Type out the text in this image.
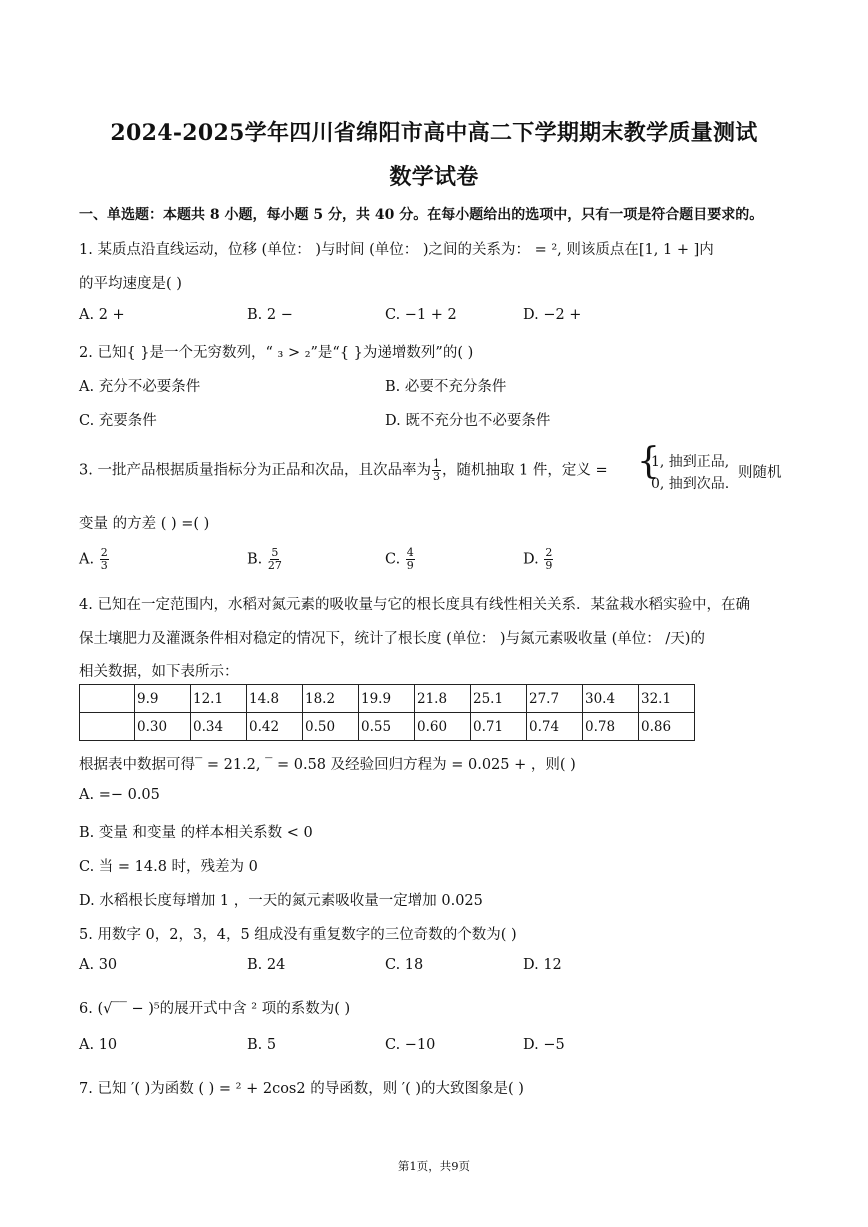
2024-2025学年四川省绵阳市高中高二下学期期末教学质量测试
数学试卷
一、单选题：本题共 8 小题，每小题 5 分，共 40 分。在每小题给出的选项中，只有一项是符合题目要求的。
1. 某质点沿直线运动，位移 (单位： )与时间 (单位： )之间的关系为： = ², 则该质点在[1, 1 + ]内
的平均速度是( )
A. 2 +	B. 2 −	C. −1 + 2	D. −2 +
2. 已知{ }是一个无穷数列，“ ₃ > ₂”是“{ }为递增数列”的( )
A. 充分不必要条件	B. 必要不充分条件
C. 充要条件	D. 既不充分也不必要条件
3. 一批产品根据质量指标分为正品和次品，且次品率为 $\frac{1}{3}$ ，随机抽取 1 件，定义 = {
1, 抽到正品,
0, 抽到次品.
则随机
变量 的方差 ( ) =( )
A. $\frac{2}{3}$	B. $\frac{5}{27}$	C. $\frac{4}{9}$	D. $\frac{2}{9}$
4. 已知在一定范围内，水稻对氮元素的吸收量与它的根长度具有线性相关关系．某盆栽水稻实验中，在确
保土壤肥力及灌溉条件相对稳定的情况下，统计了根长度 (单位： )与氮元素吸收量 (单位： /天)的
相关数据，如下表所示：
	9.9	12.1	14.8	18.2	19.9	21.8	25.1	27.7	30.4	32.1
	0.30	0.34	0.42	0.50	0.55	0.60	0.71	0.74	0.78	0.86
根据表中数据可得‾ = 21.2, ‾ = 0.58 及经验回归方程为 = 0.025 + ，则( )
A. =− 0.05
B. 变量 和变量 的样本相关系数 < 0
C. 当 = 14.8 时，残差为 0
D. 水稻根长度每增加 1 ，一天的氮元素吸收量一定增加 0.025
5. 用数字 0，2，3，4，5 组成没有重复数字的三位奇数的个数为( )
A. 30	B. 24	C. 18	D. 12
6. (√‾‾ − )⁵的展开式中含 ² 项的系数为( )
A. 10	B. 5	C. −10	D. −5
7. 已知 ′( )为函数 ( ) = ² + 2cos2 的导函数，则 ′( )的大致图象是( )
第1页，共9页
